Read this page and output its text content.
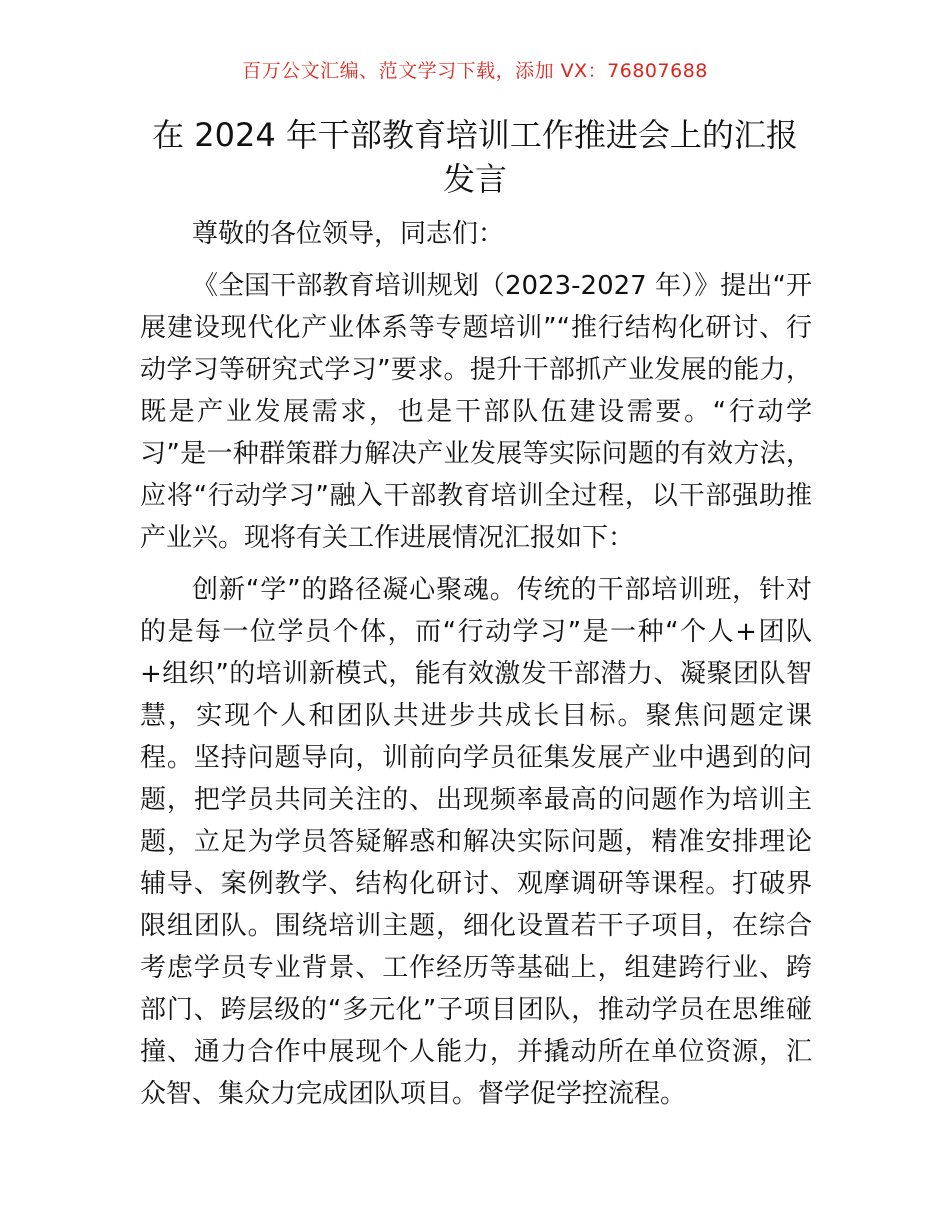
百万公文汇编、范文学习下载，添加 VX：76807688
在 2024 年干部教育培训工作推进会上的汇报发言

尊敬的各位领导，同志们：

《全国干部教育培训规划（2023-2027 年）》提出“开展建设现代化产业体系等专题培训”“推行结构化研讨、行动学习等研究式学习”要求。提升干部抓产业发展的能力，既是产业发展需求，也是干部队伍建设需要。“行动学习”是一种群策群力解决产业发展等实际问题的有效方法，应将“行动学习”融入干部教育培训全过程，以干部强助推产业兴。现将有关工作进展情况汇报如下：

创新“学”的路径凝心聚魂。传统的干部培训班，针对的是每一位学员个体，而“行动学习”是一种“个人+团队+组织”的培训新模式，能有效激发干部潜力、凝聚团队智慧，实现个人和团队共进步共成长目标。聚焦问题定课程。坚持问题导向，训前向学员征集发展产业中遇到的问题，把学员共同关注的、出现频率最高的问题作为培训主题，立足为学员答疑解惑和解决实际问题，精准安排理论辅导、案例教学、结构化研讨、观摩调研等课程。打破界限组团队。围绕培训主题，细化设置若干子项目，在综合考虑学员专业背景、工作经历等基础上，组建跨行业、跨部门、跨层级的“多元化”子项目团队，推动学员在思维碰撞、通力合作中展现个人能力，并撬动所在单位资源，汇众智、集众力完成团队项目。督学促学控流程。
